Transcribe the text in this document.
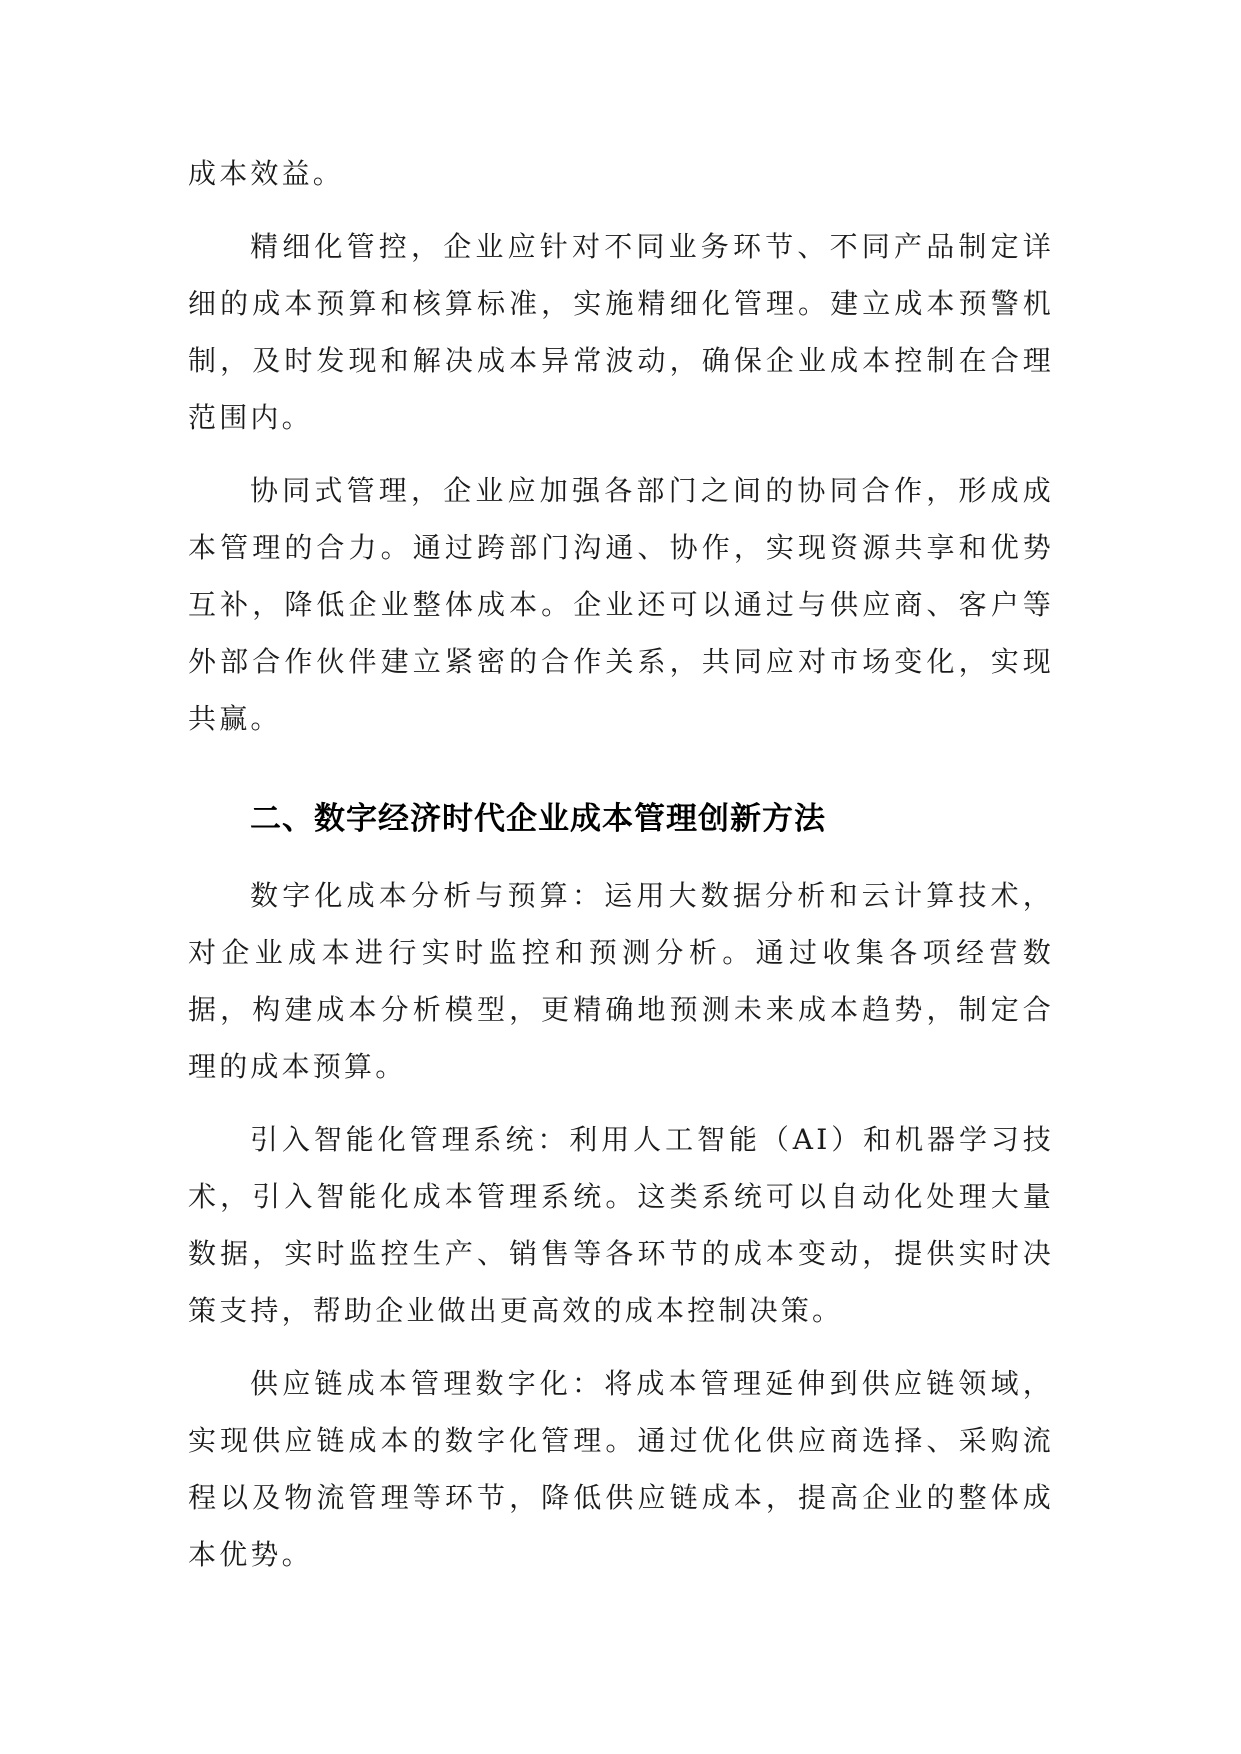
成本效益。

精细化管控，企业应针对不同业务环节、不同产品制定详细的成本预算和核算标准，实施精细化管理。建立成本预警机制，及时发现和解决成本异常波动，确保企业成本控制在合理范围内。

协同式管理，企业应加强各部门之间的协同合作，形成成本管理的合力。通过跨部门沟通、协作，实现资源共享和优势互补，降低企业整体成本。企业还可以通过与供应商、客户等外部合作伙伴建立紧密的合作关系，共同应对市场变化，实现共赢。

二、数字经济时代企业成本管理创新方法

数字化成本分析与预算：运用大数据分析和云计算技术，对企业成本进行实时监控和预测分析。通过收集各项经营数据，构建成本分析模型，更精确地预测未来成本趋势，制定合理的成本预算。

引入智能化管理系统：利用人工智能（AI）和机器学习技术，引入智能化成本管理系统。这类系统可以自动化处理大量数据，实时监控生产、销售等各环节的成本变动，提供实时决策支持，帮助企业做出更高效的成本控制决策。

供应链成本管理数字化：将成本管理延伸到供应链领域，实现供应链成本的数字化管理。通过优化供应商选择、采购流程以及物流管理等环节，降低供应链成本，提高企业的整体成本优势。
